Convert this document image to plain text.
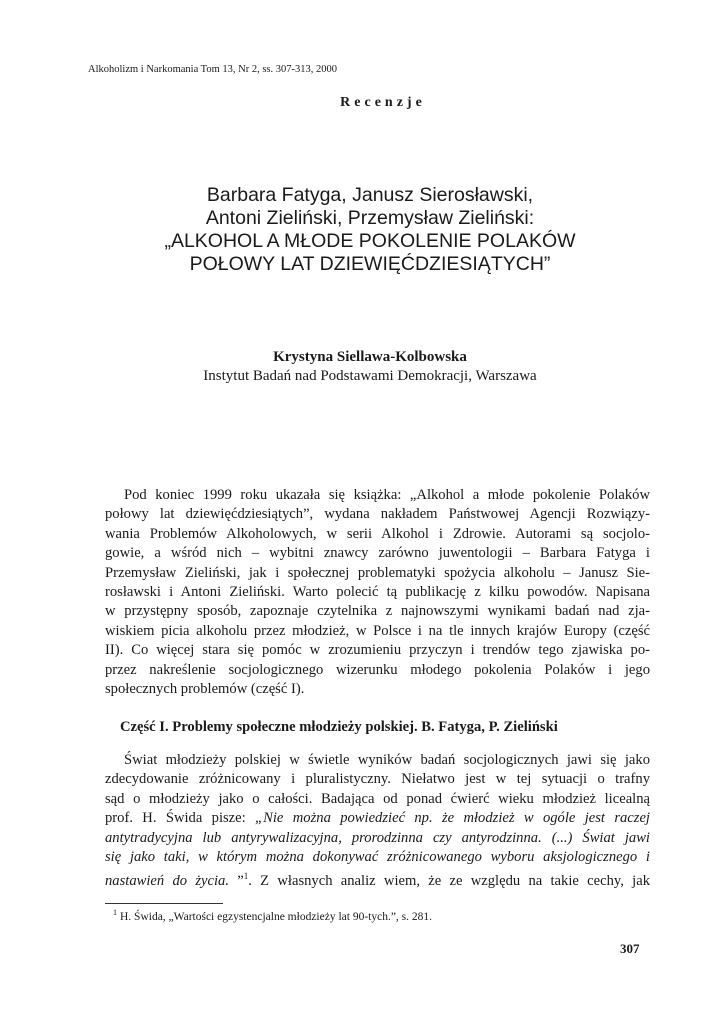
Alkoholizm i Narkomania Tom 13, Nr 2, ss. 307-313, 2000
Recenzje
Barbara Fatyga, Janusz Sierosławski,
Antoni Zieliński, Przemysław Zieliński:
„ALKOHOL A MŁODE POKOLENIE POLAKÓW
POŁOWY LAT DZIEWIĘĆDZIESIĄTYCH”
Krystyna Siellawa-Kolbowska
Instytut Badań nad Podstawami Demokracji, Warszawa
Pod koniec 1999 roku ukazała się książka: „Alkohol a młode pokolenie Polaków
połowy lat dziewięćdziesiątych”, wydana nakładem Państwowej Agencji Rozwiązy-
wania Problemów Alkoholowych, w serii Alkohol i Zdrowie. Autorami są socjolo-
gowie, a wśród nich – wybitni znawcy zarówno juwentologii – Barbara Fatyga i
Przemysław Zieliński, jak i społecznej problematyki spożycia alkoholu – Janusz Sie-
rosławski i Antoni Zieliński. Warto polecić tą publikację z kilku powodów. Napisana
w przystępny sposób, zapoznaje czytelnika z najnowszymi wynikami badań nad zja-
wiskiem picia alkoholu przez młodzież, w Polsce i na tle innych krajów Europy (część
II). Co więcej stara się pomóc w zrozumieniu przyczyn i trendów tego zjawiska po-
przez nakreślenie socjologicznego wizerunku młodego pokolenia Polaków i jego
społecznych problemów (część I).
Część I. Problemy społeczne młodzieży polskiej. B. Fatyga, P. Zieliński
Świat młodzieży polskiej w świetle wyników badań socjologicznych jawi się jako
zdecydowanie zróżnicowany i pluralistyczny. Niełatwo jest w tej sytuacji o trafny
sąd o młodzieży jako o całości. Badająca od ponad ćwierć wieku młodzież licealną
prof. H. Świda pisze: „Nie można powiedzieć np. że młodzież w ogóle jest raczej
antytradycyjna lub antyrywalizacyjna, prorodzinna czy antyrodzinna. (...) Świat jawi
się jako taki, w którym można dokonywać zróżnicowanego wyboru aksjologicznego i
nastawień do życia. ”$^1$. Z własnych analiz wiem, że ze względu na takie cechy, jak
$^1$ H. Świda, „Wartości egzystencjalne młodzieży lat 90-tych.”, s. 281.
307
